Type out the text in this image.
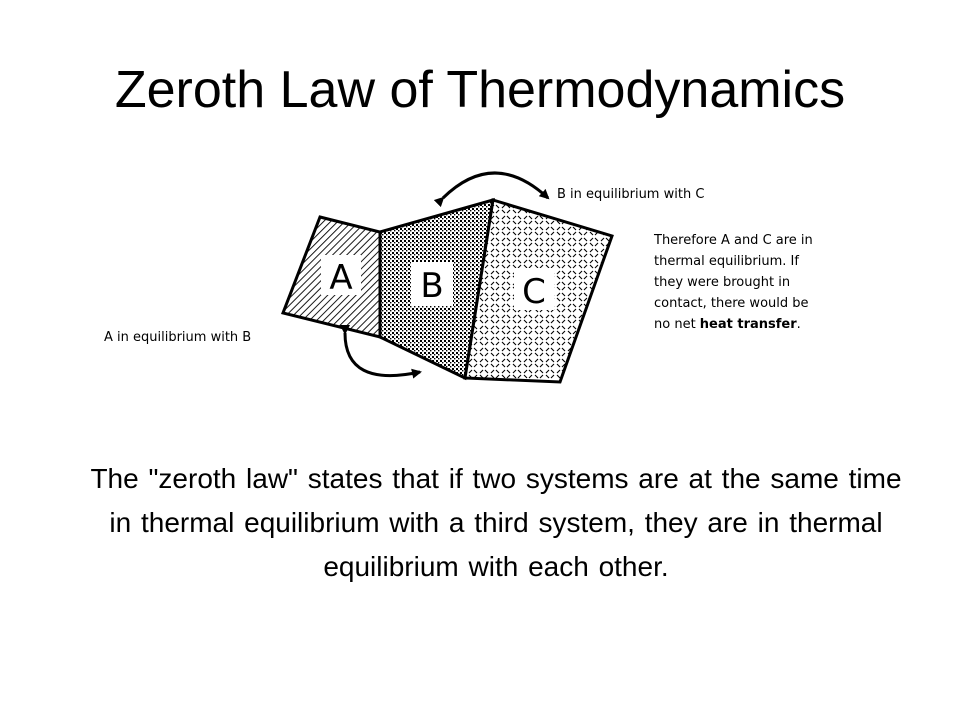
Zeroth Law of Thermodynamics
A B C
B in equilibrium with C
A in equilibrium with B
Therefore A and C are in
thermal equilibrium. If
they were brought in
contact, there would be
no net heat transfer.

The "zeroth law" states that if two systems are at the same time in thermal equilibrium with a third system, they are in thermal equilibrium with each other.
